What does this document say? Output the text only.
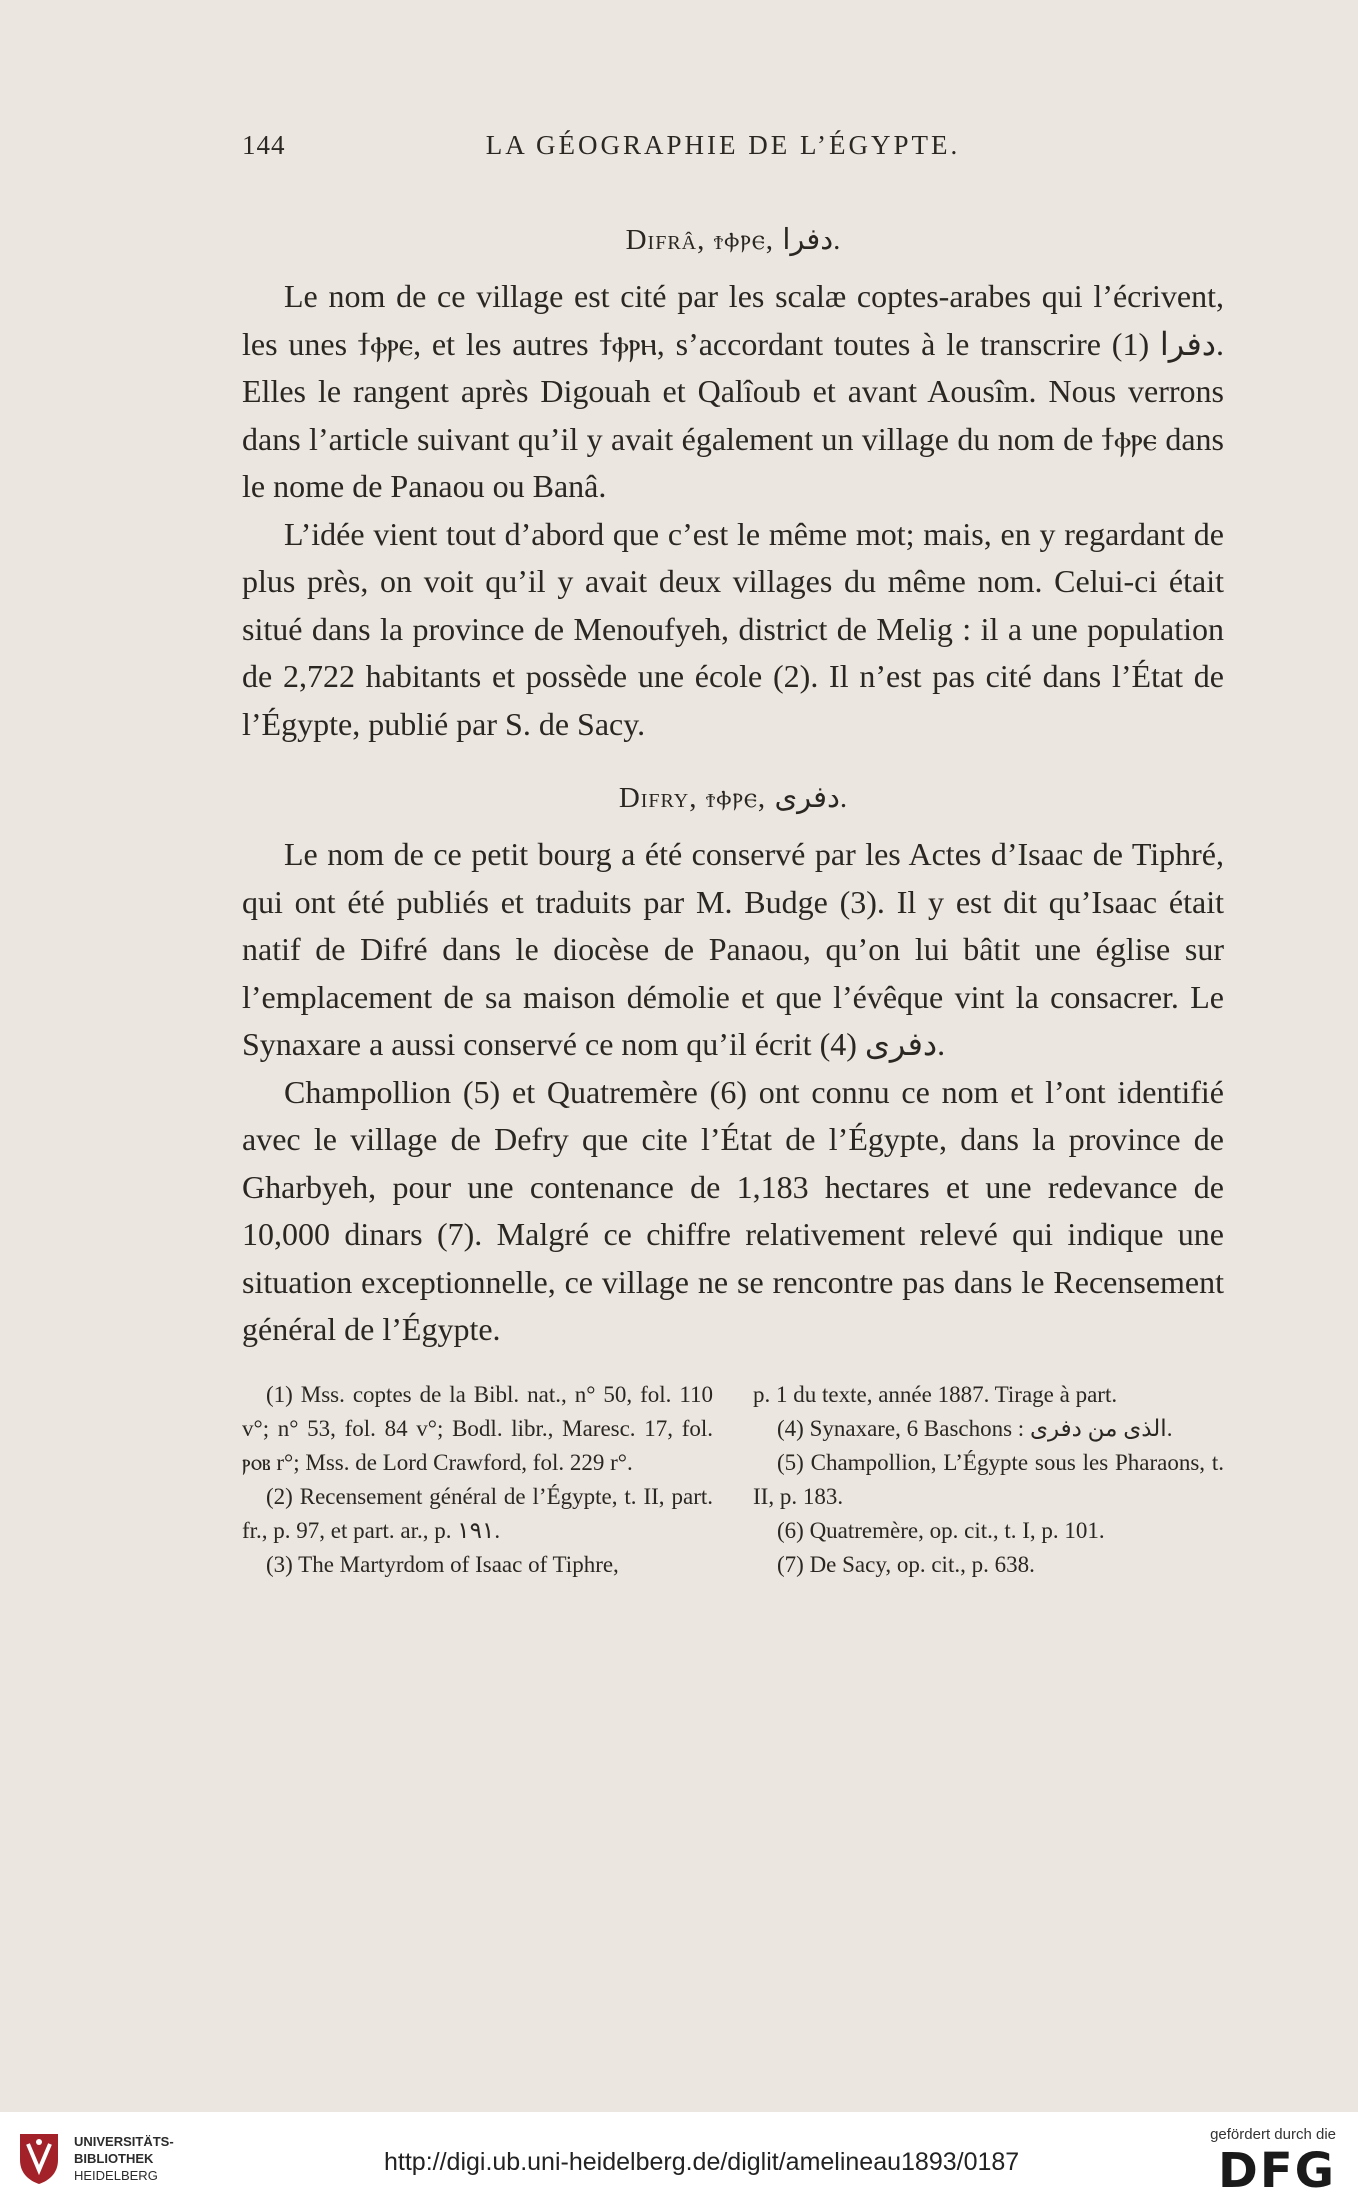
144	LA GÉOGRAPHIE DE L’ÉGYPTE.
Difrâ, ϯⲫⲣⲉ, دفرا.

Le nom de ce village est cité par les scalæ coptes-arabes qui l’écrivent, les unes ϯⲫⲣⲉ, et les autres ϯⲫⲣⲏ, s’accordant toutes à le transcrire دفرا (1). Elles le rangent après Digouah et Qalîoub et avant Aousîm. Nous verrons dans l’article suivant qu’il y avait également un village du nom de ϯⲫⲣⲉ dans le nome de Panaou ou Banâ.

L’idée vient tout d’abord que c’est le même mot; mais, en y regardant de plus près, on voit qu’il y avait deux villages du même nom. Celui-ci était situé dans la province de Menoufyeh, district de Melig : il a une population de 2,722 habitants et possède une école (2). Il n’est pas cité dans l’État de l’Égypte, publié par S. de Sacy.

Difry, ϯⲫⲣⲉ, دفرى.

Le nom de ce petit bourg a été conservé par les Actes d’Isaac de Tiphré, qui ont été publiés et traduits par M. Budge (3). Il y est dit qu’Isaac était natif de Difré dans le diocèse de Panaou, qu’on lui bâtit une église sur l’emplacement de sa maison démolie et que l’évêque vint la consacrer. Le Synaxare a aussi conservé ce nom qu’il écrit دفرى (4).

Champollion (5) et Quatremère (6) ont connu ce nom et l’ont identifié avec le village de Defry que cite l’État de l’Égypte, dans la province de Gharbyeh, pour une contenance de 1,183 hectares et une redevance de 10,000 dinars (7). Malgré ce chiffre relativement relevé qui indique une situation exceptionnelle, ce village ne se rencontre pas dans le Recensement général de l’Égypte.

(1) Mss. coptes de la Bibl. nat., n° 50, fol. 110 v°; n° 53, fol. 84 v°; Bodl. libr., Maresc. 17, fol. ⲣⲟⲃ r°; Mss. de Lord Crawford, fol. 229 r°.

(2) Recensement général de l’Égypte, t. II, part. fr., p. 97, et part. ar., p. ١٩١.

(3) The Martyrdom of Isaac of Tiphre,

p. 1 du texte, année 1887. Tirage à part.

(4) Synaxare, 6 Baschons : الذى من دفرى.

(5) Champollion, L’Égypte sous les Pharaons, t. II, p. 183.

(6) Quatremère, op. cit., t. I, p. 101.

(7) De Sacy, op. cit., p. 638.

UNIVERSITÄTS-
BIBLIOTHEK
HEIDELBERG	http://digi.ub.uni-heidelberg.de/diglit/amelineau1893/0187
gefördert durch die
DFG
